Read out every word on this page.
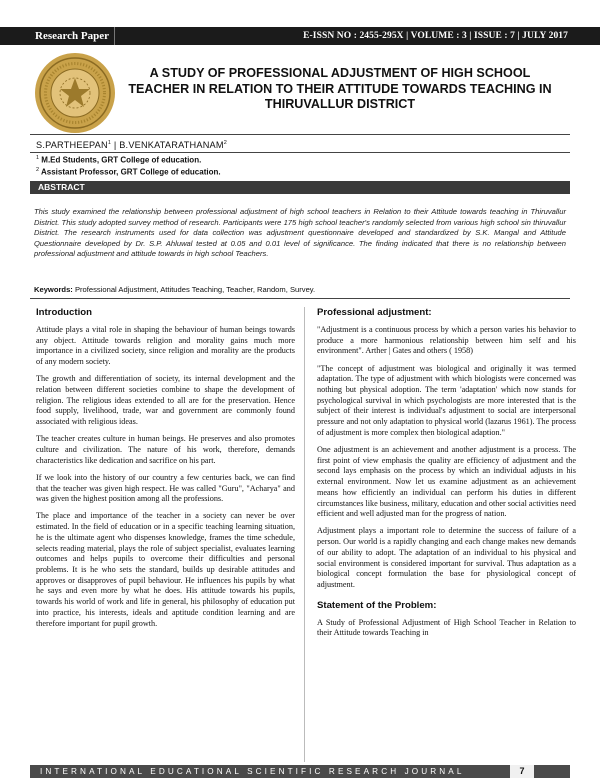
Research Paper	E-ISSN NO : 2455-295X | VOLUME : 3 | ISSUE : 7 | JULY 2017
A STUDY OF PROFESSIONAL ADJUSTMENT OF HIGH SCHOOL TEACHER IN RELATION TO THEIR ATTITUDE TOWARDS TEACHING IN THIRUVALLUR DISTRICT
S.PARTHEEPAN$^1$ | B.VENKATARATHANAM$^2$
$^1$ M.Ed Students, GRT College of education.
$^2$ Assistant Professor, GRT College of education.
ABSTRACT

This study examined the relationship between professional adjustment of high school teachers in Relation to their Attitude towards teaching in Thiruvallur District. This study adopted survey method of research. Participants were 175 high school teacher's randomly selected from various high school sin thiruvallur District. The research instruments used for data collection was adjustment questionnaire developed and standardized by S.K. Mangal and Attitude Questionnaire developed by Dr. S.P. Ahluwal tested at 0.05 and 0.01 level of significance. The finding indicated that there is no relationship between professional adjustment and attitude towards in high school Teachers.

Keywords: Professional Adjustment, Attitudes Teaching, Teacher, Random, Survey.
Introduction

Attitude plays a vital role in shaping the behaviour of human beings towards any object. Attitude towards religion and morality gains much more importance in a civilized society, since religion and morality are the products of any modern society.

The growth and differentiation of society, its internal development and the relation between different societies combine to shape the development of religion. The religious ideas extended to all are for the preservation. Hence food supply, livelihood, trade, war and government are commonly found associated with religious ideas.

The teacher creates culture in human beings. He preserves and also promotes culture and civilization. The nature of his work, therefore, demands characteristics like dedication and sacrifice on his part.

If we look into the history of our country a few centuries back, we can find that the teacher was given high respect. He was called "Guru", "Acharya" and was given the highest position among all the professions.

The place and importance of the teacher in a society can never be over estimated. In the field of education or in a specific teaching learning situation, he is the ultimate agent who dispenses knowledge, frames the time schedule, selects reading material, plays the role of subject specialist, evaluates learning outcomes and helps pupils to overcome their difficulties and personal problems. It is he who sets the standard, builds up desirable attitudes and approves or disapproves of pupil behaviour. He influences his pupils by what he says and even more by what he does. His attitude towards his pupils, towards his world of work and life in general, his philosophy of education put into practice, his interests, ideals and aptitude condition learning and are therefore important for pupil growth.

Professional adjustment:

"Adjustment is a continuous process by which a person varies his behavior to produce a more harmonious relationship between him self and his environment". Arther | Gates and others ( 1958)

"The concept of adjustment was biological and originally it was termed adaptation. The type of adjustment with which biologists were concerned was nothing but physical adoption. The term 'adaptation' which now stands for psychological survival in which psychologists are more interested that is the subject of their interest is individual's adjustment to social are interpersonal pressure and not only adaptation to physical world (lazarus 1961). The process of adjustment is more complex then biological adaption."

One adjustment is an achievement and another adjustment is a process. The first point of view emphasis the quality are efficiency of adjustment and the second lays emphasis on the process by which an individual adjusts in his external environment. Now let us examine adjustment as an achievement means how efficiently an individual can perform his duties in different circumstances like business, military, education and other social activities need efficient and well adjusted man for the progress of nation.

Adjustment plays a important role to determine the success of failure of a person. Our world is a rapidly changing and each change makes new demands of our ability to adopt. The adaptation of an individual to his physical and social environment is considered important for survival. Thus adaptation as a biological concept formulation the base for physiological concept of adjustment.

Statement of the Problem:

A Study of Professional Adjustment of High School Teacher in Relation to their Attitude towards Teaching in

INTERNATIONAL EDUCATIONAL SCIENTIFIC RESEARCH JOURNAL	7
